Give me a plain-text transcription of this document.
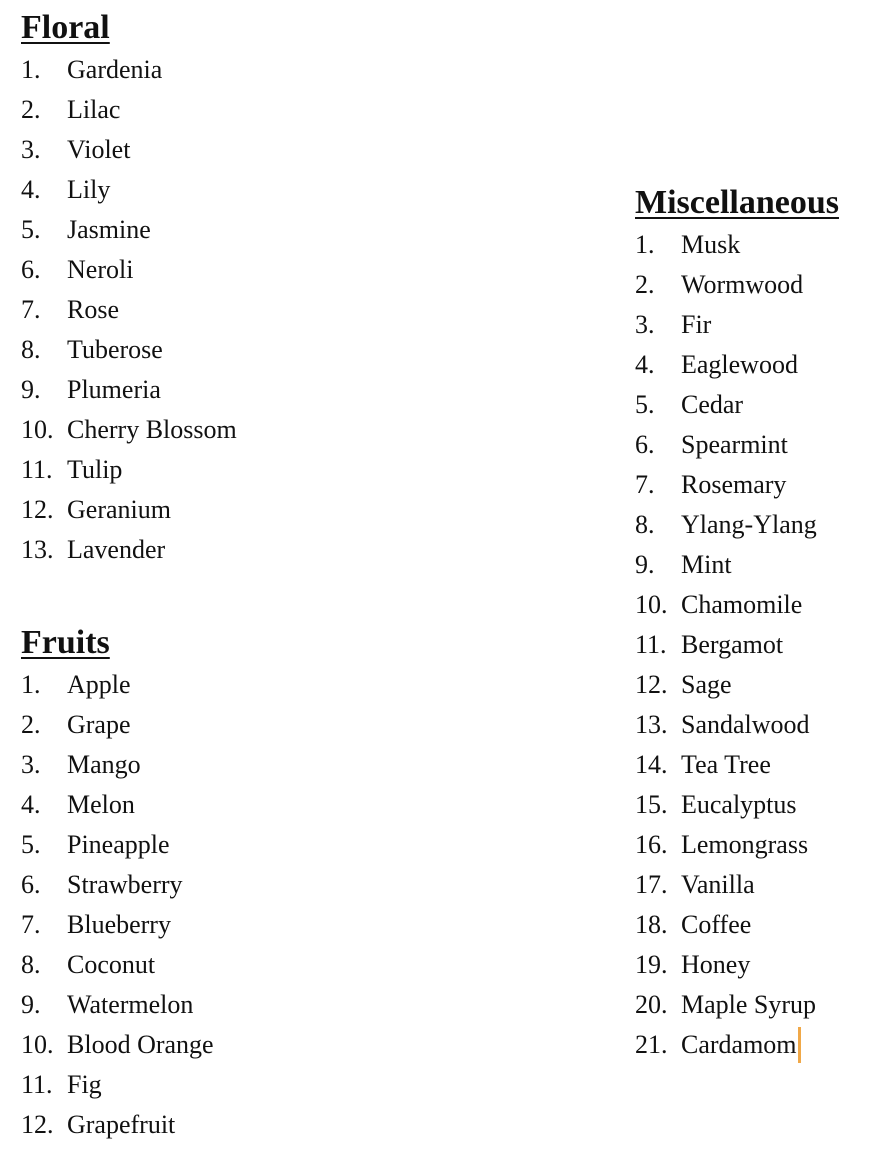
Floral
1.	Gardenia
2.	Lilac
3.	Violet
4.	Lily
5.	Jasmine
6.	Neroli
7.	Rose
8.	Tuberose
9.	Plumeria
10. Cherry Blossom
11. Tulip
12. Geranium
13. Lavender
Fruits
1.	Apple
2.	Grape
3.	Mango
4.	Melon
5.	Pineapple
6.	Strawberry
7.	Blueberry
8.	Coconut
9.	Watermelon
10. Blood Orange
11. Fig
12. Grapefruit
Miscellaneous
1.	Musk
2.	Wormwood
3.	Fir
4.	Eaglewood
5.	Cedar
6.	Spearmint
7.	Rosemary
8.	Ylang-Ylang
9.	Mint
10. Chamomile
11. Bergamot
12. Sage
13. Sandalwood
14. Tea Tree
15. Eucalyptus
16. Lemongrass
17. Vanilla
18. Coffee
19. Honey
20. Maple Syrup
21. Cardamom
